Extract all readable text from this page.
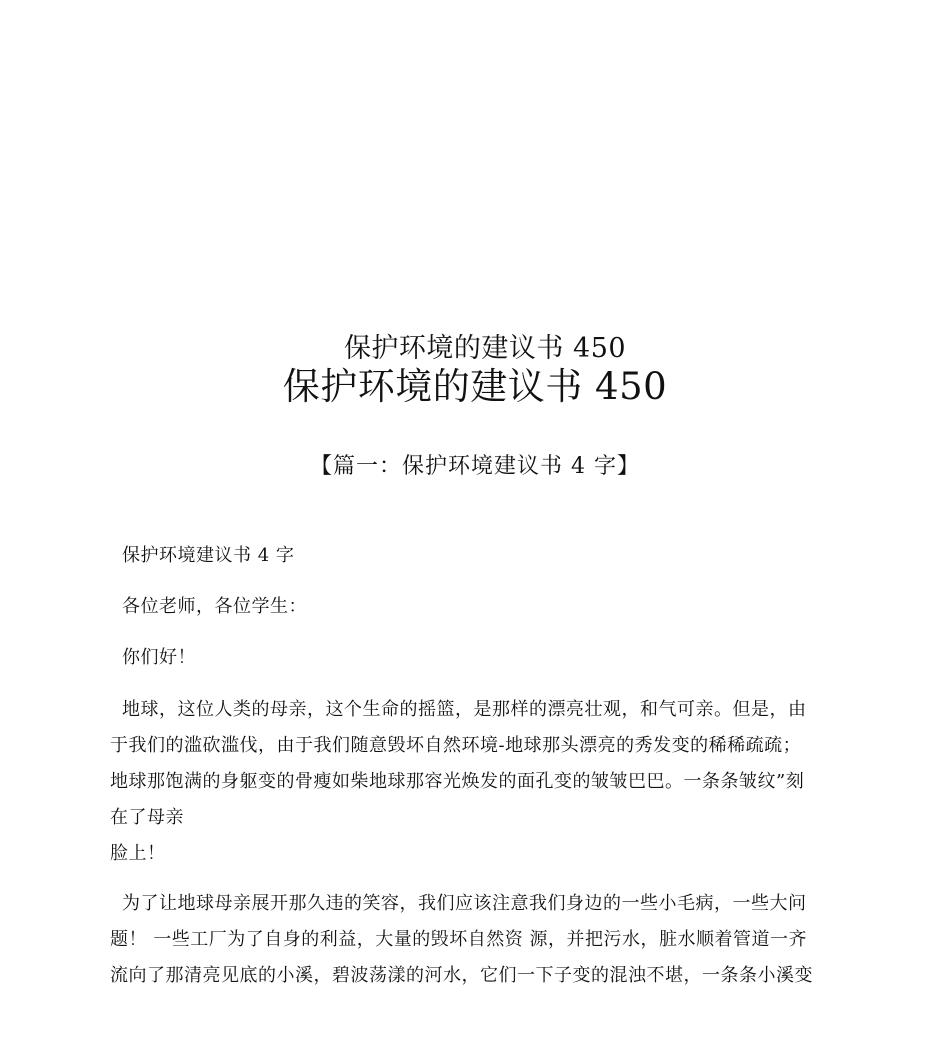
保护环境的建议书 450
保护环境的建议书 450
【篇一：保护环境建议书 4 字】

保护环境建议书 4 字

各位老师，各位学生：

你们好！

地球，这位人类的母亲，这个生命的摇篮，是那样的漂亮壮观，和气可亲。但是，由
于我们的滥砍滥伐，由于我们随意毁坏自然环境-地球那头漂亮的秀发变的稀稀疏疏；
地球那饱满的身躯变的骨瘦如柴地球那容光焕发的面孔变的皱皱巴巴。一条条皱纹”刻
在了母亲
脸上！
为了让地球母亲展开那久违的笑容，我们应该注意我们身边的一些小毛病，一些大问
题！ 一些工厂为了自身的利益，大量的毁坏自然资 源，并把污水，脏水顺着管道一齐
流向了那清亮见底的小溪，碧波荡漾的河水，它们一下子变的混浊不堪，一条条小溪变
